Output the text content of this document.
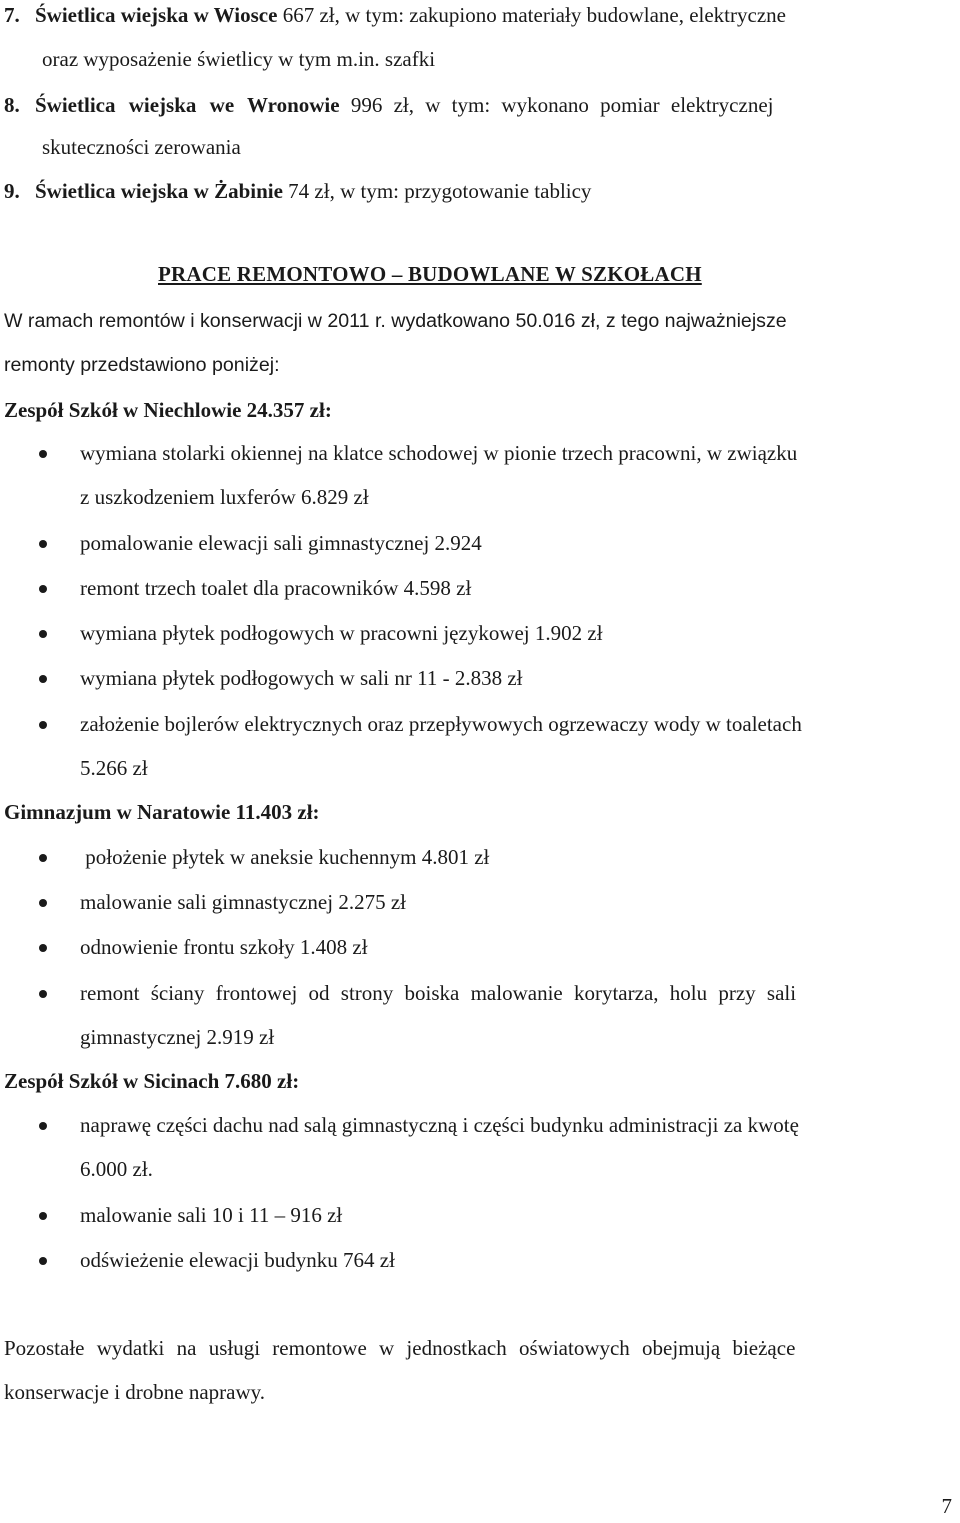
7. Świetlica wiejska w Wiosce 667 zł, w tym: zakupiono materiały budowlane, elektryczne
oraz wyposażenie świetlicy w tym m.in. szafki
8. Świetlica wiejska we Wronowie 996 zł, w tym: wykonano pomiar elektrycznej
skuteczności zerowania
9. Świetlica wiejska w Żabinie 74 zł, w tym: przygotowanie tablicy
PRACE REMONTOWO – BUDOWLANE W SZKOŁACH
W ramach remontów i konserwacji w 2011 r. wydatkowano 50.016 zł, z tego najważniejsze
remonty przedstawiono poniżej:
Zespół Szkół w Niechlowie 24.357 zł:
wymiana stolarki okiennej na klatce schodowej w pionie trzech pracowni, w związku
z uszkodzeniem luxferów 6.829 zł
pomalowanie elewacji sali gimnastycznej 2.924
remont trzech toalet dla pracowników 4.598 zł
wymiana płytek podłogowych w pracowni językowej 1.902 zł
wymiana płytek podłogowych w sali nr 11 - 2.838 zł
założenie bojlerów elektrycznych oraz przepływowych ogrzewaczy wody w toaletach
5.266 zł
Gimnazjum w Naratowie 11.403 zł:
położenie płytek w aneksie kuchennym 4.801 zł
malowanie sali gimnastycznej 2.275 zł
odnowienie frontu szkoły 1.408 zł
remont ściany frontowej od strony boiska malowanie korytarza, holu przy sali
gimnastycznej 2.919 zł
Zespół Szkół w Sicinach 7.680 zł:
naprawę części dachu nad salą gimnastyczną i części budynku administracji za kwotę
6.000 zł.
malowanie sali 10 i 11 – 916 zł
odświeżenie elewacji budynku 764 zł
Pozostałe wydatki na usługi remontowe w jednostkach oświatowych obejmują bieżące
konserwacje i drobne naprawy.
7
